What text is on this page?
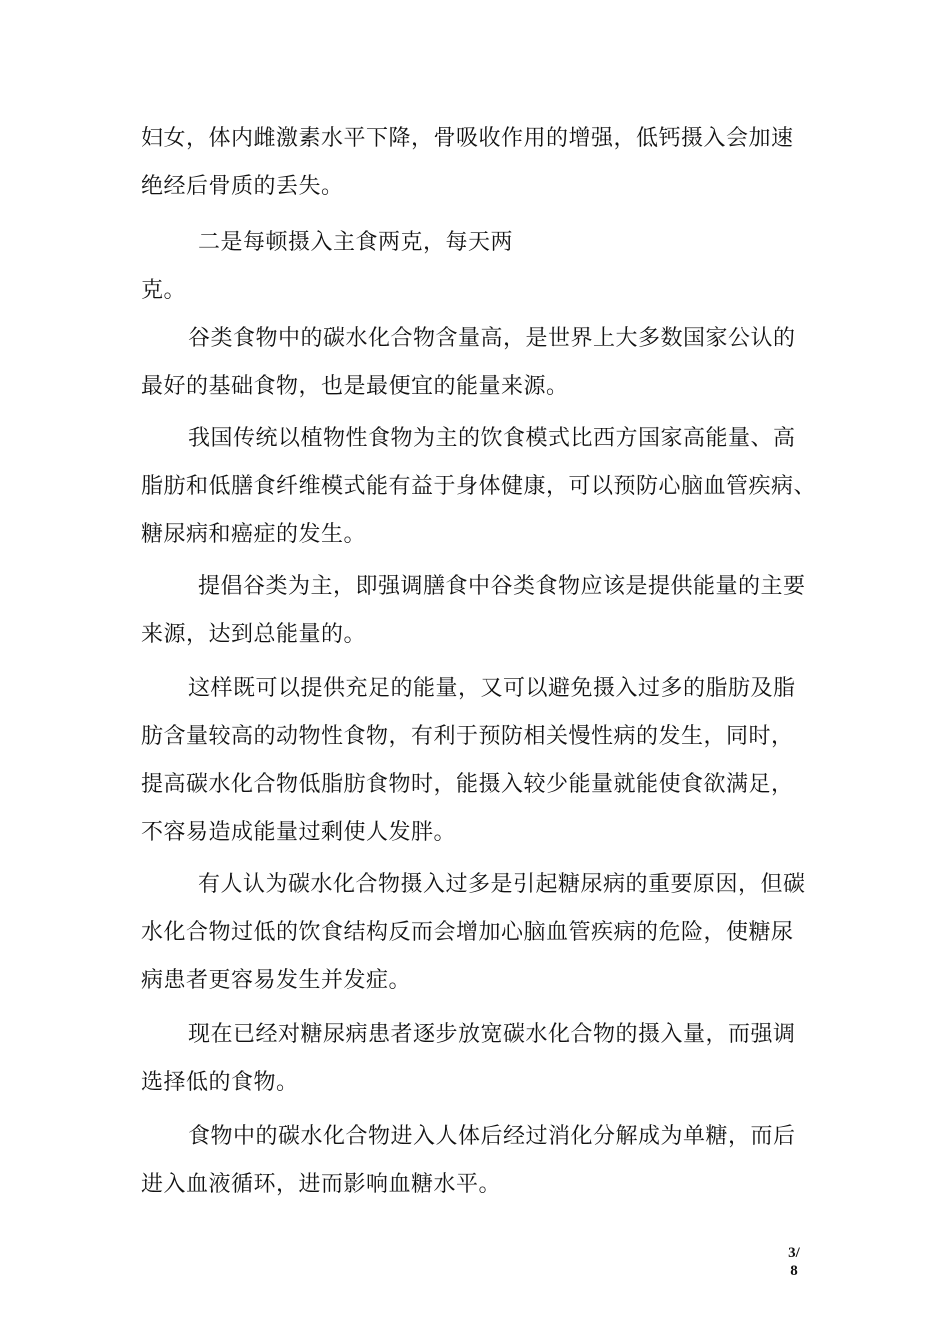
妇女，体内雌激素水平下降，骨吸收作用的增强，低钙摄入会加速
绝经后骨质的丢失。
二是每顿摄入主食两克，每天两
克。
谷类食物中的碳水化合物含量高，是世界上大多数国家公认的
最好的基础食物，也是最便宜的能量来源。
我国传统以植物性食物为主的饮食模式比西方国家高能量、高
脂肪和低膳食纤维模式能有益于身体健康，可以预防心脑血管疾病、
糖尿病和癌症的发生。
提倡谷类为主，即强调膳食中谷类食物应该是提供能量的主要
来源，达到总能量的。
这样既可以提供充足的能量，又可以避免摄入过多的脂肪及脂
肪含量较高的动物性食物，有利于预防相关慢性病的发生，同时，
提高碳水化合物低脂肪食物时，能摄入较少能量就能使食欲满足，
不容易造成能量过剩使人发胖。
有人认为碳水化合物摄入过多是引起糖尿病的重要原因，但碳
水化合物过低的饮食结构反而会增加心脑血管疾病的危险，使糖尿
病患者更容易发生并发症。
现在已经对糖尿病患者逐步放宽碳水化合物的摄入量，而强调
选择低的食物。
食物中的碳水化合物进入人体后经过消化分解成为单糖，而后
进入血液循环，进而影响血糖水平。
3/
8
